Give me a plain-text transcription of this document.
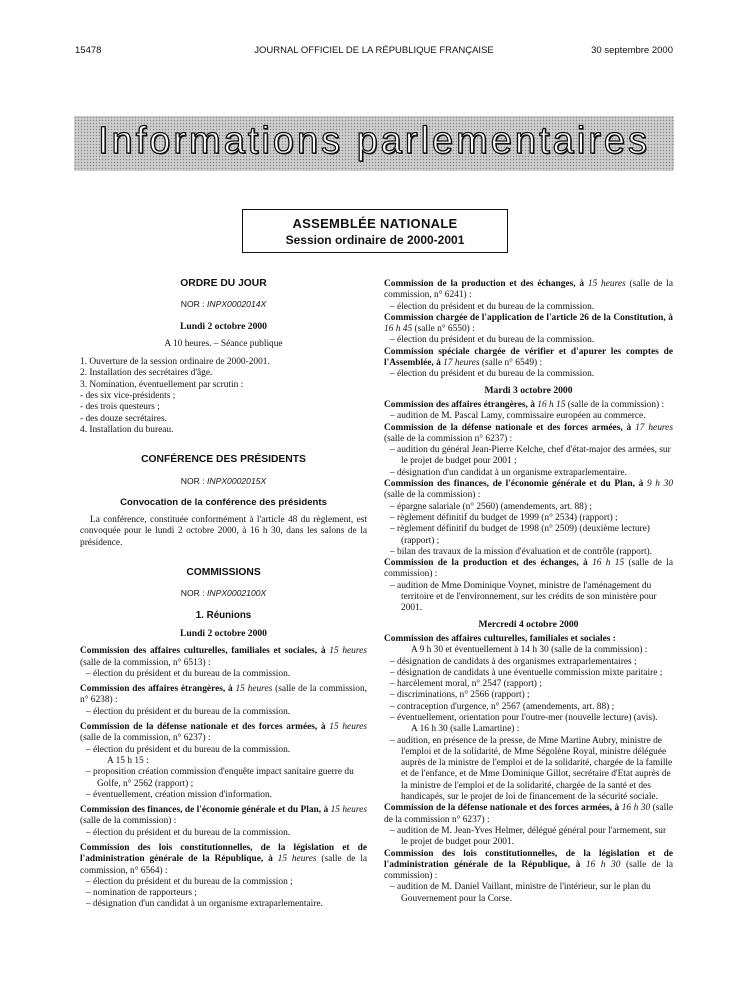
15478	JOURNAL OFFICIEL DE LA RÉPUBLIQUE FRANÇAISE	30 septembre 2000
Informations parlementaires
ASSEMBLÉE NATIONALE
Session ordinaire de 2000-2001
ORDRE DU JOUR
NOR : INPX0002014X
Lundi 2 octobre 2000
A 10 heures. – Séance publique
1. Ouverture de la session ordinaire de 2000-2001.
2. Installation des secrétaires d'âge.
3. Nomination, éventuellement par scrutin :
- des six vice-présidents ;
- des trois questeurs ;
- des douze secrétaires.
4. Installation du bureau.
CONFÉRENCE DES PRÉSIDENTS
NOR : INPX0002015X
Convocation de la conférence des présidents
La conférence, constituée conformément à l'article 48 du règlement, est convoquée pour le lundi 2 octobre 2000, à 16 h 30, dans les salons de la présidence.
COMMISSIONS
NOR : INPX0002100X
1. Réunions
Lundi 2 octobre 2000
Commission des affaires culturelles, familiales et sociales, à 15 heures (salle de la commission, n° 6513) :
– élection du président et du bureau de la commission.
Commission des affaires étrangères, à 15 heures (salle de la commission, n° 6238) :
– élection du président et du bureau de la commission.
Commission de la défense nationale et des forces armées, à 15 heures (salle de la commission, n° 6237) :
– élection du président et du bureau de la commission.
A 15 h 15 :
– proposition création commission d'enquête impact sanitaire guerre du Golfe, n° 2562 (rapport) ;
– éventuellement, création mission d'information.
Commission des finances, de l'économie générale et du Plan, à 15 heures (salle de la commission) :
– élection du président et du bureau de la commission.
Commission des lois constitutionnelles, de la législation et de l'administration générale de la République, à 15 heures (salle de la commission, n° 6564) :
– élection du président et du bureau de la commission ;
– nomination de rapporteurs ;
– désignation d'un candidat à un organisme extraparlementaire.
Commission de la production et des échanges, à 15 heures (salle de la commission, n° 6241) :
– élection du président et du bureau de la commission.
Commission chargée de l'application de l'article 26 de la Constitution, à 16 h 45 (salle n° 6550) :
– élection du président et du bureau de la commission.
Commission spéciale chargée de vérifier et d'apurer les comptes de l'Assemblée, à 17 heures (salle n° 6549) :
– élection du président et du bureau de la commission.
Mardi 3 octobre 2000
Commission des affaires étrangères, à 16 h 15 (salle de la commission) :
– audition de M. Pascal Lamy, commissaire européen au commerce.
Commission de la défense nationale et des forces armées, à 17 heures (salle de la commission n° 6237) :
– audition du général Jean-Pierre Kelche, chef d'état-major des armées, sur le projet de budget pour 2001 ;
– désignation d'un candidat à un organisme extraparlementaire.
Commission des finances, de l'économie générale et du Plan, à 9 h 30 (salle de la commission) :
– épargne salariale (n° 2560) (amendements, art. 88) ;
– règlement définitif du budget de 1999 (n° 2534) (rapport) ;
– règlement définitif du budget de 1998 (n° 2509) (deuxième lecture) (rapport) ;
– bilan des travaux de la mission d'évaluation et de contrôle (rapport).
Commission de la production et des échanges, à 16 h 15 (salle de la commission) :
– audition de Mme Dominique Voynet, ministre de l'aménagement du territoire et de l'environnement, sur les crédits de son ministère pour 2001.
Mercredi 4 octobre 2000
Commission des affaires culturelles, familiales et sociales :
A 9 h 30 et éventuellement à 14 h 30 (salle de la commission) :
– désignation de candidats à des organismes extraparlementaires ;
– désignation de candidats à une éventuelle commission mixte paritaire ;
– harcèlement moral, n° 2547 (rapport) ;
– discriminations, n° 2566 (rapport) ;
– contraception d'urgence, n° 2567 (amendements, art. 88) ;
– éventuellement, orientation pour l'outre-mer (nouvelle lecture) (avis).
A 16 h 30 (salle Lamartine) :
– audition, en présence de la presse, de Mme Martine Aubry, ministre de l'emploi et de la solidarité, de Mme Ségolène Royal, ministre déléguée auprès de la ministre de l'emploi et de la solidarité, chargée de la famille et de l'enfance, et de Mme Dominique Gillot, secrétaire d'Etat auprès de la ministre de l'emploi et de la solidarité, chargée de la santé et des handicapés, sur le projet de loi de financement de la sécurité sociale.
Commission de la défense nationale et des forces armées, à 16 h 30 (salle de la commission n° 6237) :
– audition de M. Jean-Yves Helmer, délégué général pour l'armement, sur le projet de budget pour 2001.
Commission des lois constitutionnelles, de la législation et de l'administration générale de la République, à 16 h 30 (salle de la commission) :
– audition de M. Daniel Vaillant, ministre de l'intérieur, sur le plan du Gouvernement pour la Corse.
